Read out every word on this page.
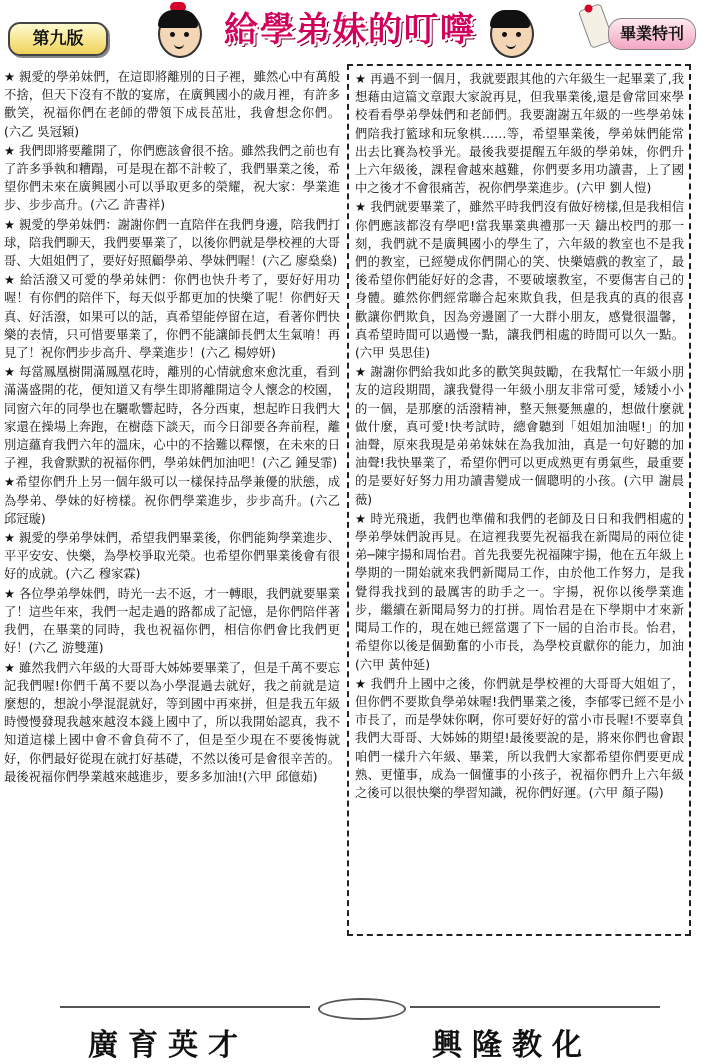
第九版	給學弟妹的叮嚀	畢業特刊

★ 親愛的學弟妹們，在這即將離別的日子裡，雖然心中有萬般不捨，但天下沒有不散的宴席，在廣興國小的歲月裡，有許多歡笑，祝福你們在老師的帶領下成長茁壯，我會想念你們。(六乙 吳冠穎)

★ 我們即將要離開了，你們應該會很不捨。雖然我們之前也有了許多爭執和糟蹋，可是現在都不計較了，我們畢業之後，希望你們未來在廣興國小可以爭取更多的榮耀，祝大家：學業進步、步步高升。(六乙 許書祥)

★ 親愛的學弟妹們：謝謝你們一直陪伴在我們身邊，陪我們打球，陪我們聊天，我們要畢業了，以後你們就是學校裡的大哥哥、大姐姐們了，要好好照顧學弟、學妹們喔！(六乙 廖燊燊)

★ 給活潑又可愛的學弟妹們：你們也快升考了，要好好用功喔！有你們的陪伴下，每天似乎都更加的快樂了呢！你們好天真、好活潑，如果可以的話，真希望能停留在這，看著你們快樂的表情，只可惜要畢業了，你們不能讓師長們太生氣唷！再見了！祝你們步步高升、學業進步！(六乙 楊婷妍)

★ 每當鳳凰樹開滿鳳凰花時，離別的心情就愈來愈沈重，看到滿滿盛開的花，便知道又有學生即將離開這令人懷念的校園，同窗六年的同學也在驪歌響起時，各分西東，想起昨日我們大家還在操場上奔跑，在樹蔭下談天，而今日卻要各奔前程，離別這蘊育我們六年的溫床，心中的不捨難以釋懷，在未來的日子裡，我會默默的祝福你們，學弟妹們加油吧！(六乙 鍾旻霏)

★希望你們升上另一個年級可以一樣保持品學兼優的狀態，成為學弟、學妹的好榜樣。祝你們學業進步，步步高升。(六乙 邱冠璇)

★ 親愛的學弟學妹們，希望我們畢業後，你們能夠學業進步、平平安安、快樂，為學校爭取光榮。也希望你們畢業後會有很好的成就。(六乙 穆家霖)

★ 各位學弟學妹們，時光一去不返，才一轉眼，我們就要畢業了！這些年來，我們一起走過的路都成了記憶，是你們陪伴著我們，在畢業的同時，我也祝福你們，相信你們會比我們更好！(六乙 游雙蓮)

★ 雖然我們六年級的大哥哥大姊姊要畢業了，但是千萬不要忘記我們喔!你們千萬不要以為小學混過去就好，我之前就是這麼想的，想說小學混混就好，等到國中再來拼，但是我五年級時慢慢發現我越來越沒本錢上國中了，所以我開始認真，我不知道這樣上國中會不會負荷不了，但是至少現在不要後悔就好，你們最好從現在就打好基礎，不然以後可是會很辛苦的。最後祝福你們學業越來越進步，要多多加油!(六甲 邱億茹)

★ 再過不到一個月，我就要跟其他的六年級生一起畢業了,我想藉由這篇文章跟大家說再見，但我畢業後,還是會常回來學校看看學弟學妹們和老師們。我要謝謝五年級的一些學弟妹們陪我打籃球和玩象棋……等，希望畢業後，學弟妹們能常出去比賽為校爭光。最後我要提醒五年級的學弟妹，你們升上六年級後，課程會越來越難，你們要多用功讀書，上了國中之後才不會很痛苦，祝你們學業進步。(六甲 劉人愷)

★ 我們就要畢業了，雖然平時我們沒有做好榜樣,但是我相信你們應該都沒有學吧!當我畢業典禮那一天 鑄出校門的那一刻，我們就不是廣興國小的學生了，六年級的教室也不是我們的教室，已經變成你們開心的笑、快樂嬉戲的教室了，最後希望你們能好好的念書，不要破壞教室，不要傷害自己的身體。雖然你們經常聯合起來欺負我，但是我真的真的很喜歡讓你們欺負，因為旁邊圍了一大群小朋友，感覺很溫馨，真希望時間可以過慢一點，讓我們相處的時間可以久一點。(六甲 吳思佳)

★ 謝謝你們給我如此多的歡笑與鼓勵，在我幫忙一年級小朋友的這段期間，讓我覺得一年級小朋友非常可愛，矮矮小小的一個，是那麼的活潑精神，整天無憂無慮的，想做什麼就做什麼，真可愛!快考試時，總會聽到「姐姐加油喔!」的加油聲，原來我現是弟弟妹妹在為我加油，真是一句好聽的加油聲!我快畢業了，希望你們可以更成熟更有勇氣些，最重要的是要好好努力用功讀書變成一個聰明的小孩。(六甲 謝晨薇)

★ 時光飛逝，我們也準備和我們的老師及日日和我們相處的學弟學妹們說再見。在這裡我要先祝福我在新聞局的兩位徒弟─陳宇揚和周怡君。首先我要先祝福陳宇揚，他在五年級上學期的一開始就來我們新聞局工作，由於他工作努力，是我覺得我找到的最厲害的助手之一。宇揚，祝你以後學業進步，繼續在新聞局努力的打拼。周怡君是在下學期中才來新聞局工作的，現在她已經當選了下一屆的自治市長。怡君，希望你以後是個勤奮的小市長，為學校貢獻你的能力，加油(六甲 黃仲延)

★ 我們升上國中之後，你們就是學校裡的大哥哥大姐姐了，但你們不要欺負學弟妹喔!我們畢業之後，李郁零已經不是小市長了，而是學妹你啊，你可要好好的當小市長喔!不要辜負我們大哥哥、大姊姊的期望!最後要說的是，將來你們也會跟咱們一樣升六年級、畢業，所以我們大家都希望你們要更成熟、更懂事，成為一個懂事的小孩子，祝福你們升上六年級之後可以很快樂的學習知識，祝你們好運。(六甲 顏子陽)

廣育英才	興隆教化
